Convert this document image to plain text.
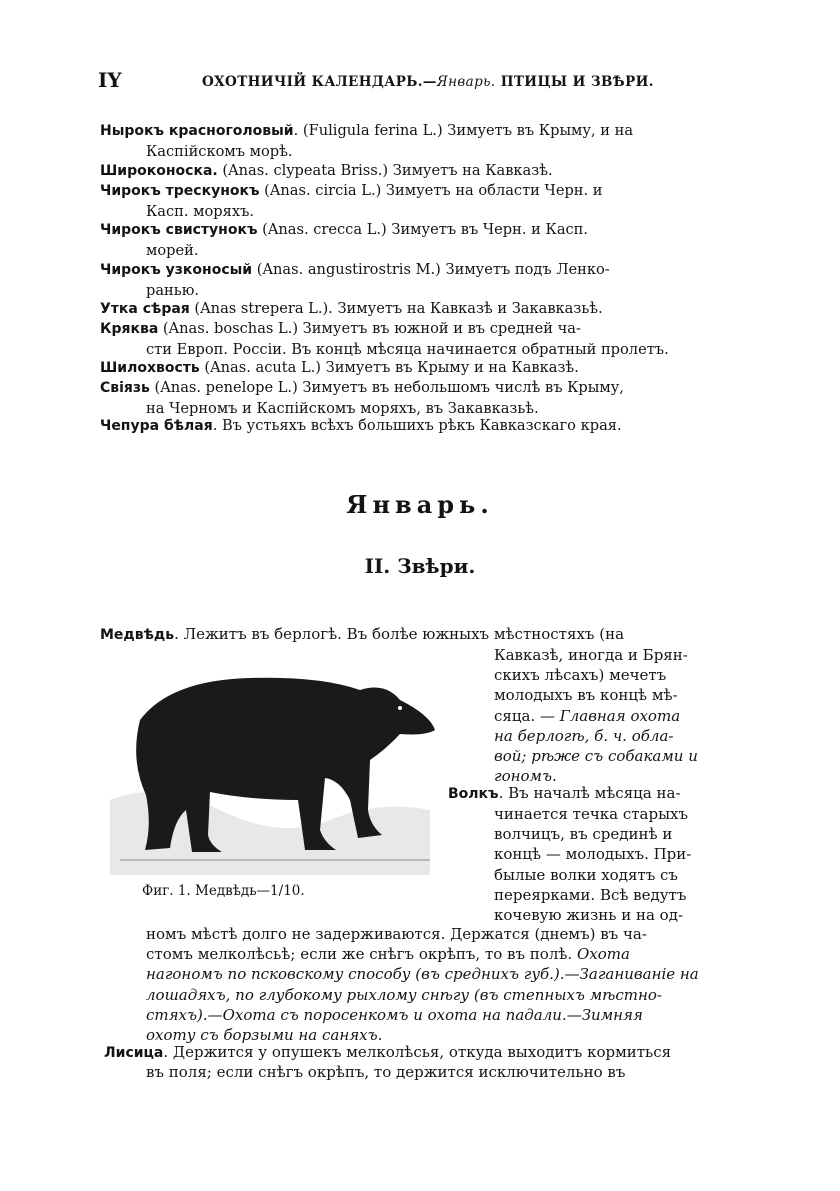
IY	ОХОТНИЧІЙ КАЛЕНДАРЬ.—Январь. ПТИЦЫ И ЗВѢРИ.
Нырокъ красноголовый. (Fuligula ferina L.) Зимуетъ въ Крыму, и на
Каспійскомъ морѣ.
Широконоска. (Anas. clypeata Briss.) Зимуетъ на Кавказѣ.
Чирокъ трескунокъ (Anas. circia L.) Зимуетъ на области Черн. и
Касп. моряхъ.
Чирокъ свистунокъ (Anas. crecca L.) Зимуетъ въ Черн. и Касп.
морей.
Чирокъ узконосый (Anas. angustirostris M.) Зимуетъ подъ Ленко-
ранью.
Утка сѣрая (Anas strepera L.). Зимуетъ на Кавказѣ и Закавказьѣ.
Кряква (Anas. boschas L.) Зимуетъ въ южной и въ средней ча-
сти Европ. Россіи. Въ концѣ мѣсяца начинается обратный пролетъ.
Шилохвость (Anas. acuta L.) Зимуетъ въ Крыму и на Кавказѣ.
Свіязь (Anas. penelope L.) Зимуетъ въ небольшомъ числѣ въ Крыму,
на Черномъ и Каспійскомъ моряхъ, въ Закавказьѣ.
Чепура бѣлая. Въ устьяхъ всѣхъ большихъ рѣкъ Кавказскаго края.
Январь.
II. Звѣри.
Медвѣдь. Лежитъ въ берлогѣ. Въ болѣе южныхъ мѣстностяхъ (на
Кавказѣ, иногда и Брян-
скихъ лѣсахъ) мечетъ
молодыхъ въ концѣ мѣ-
сяца. — Главная охота
на берлогѣ, б. ч. обла-
вой; рѣже съ собаками и
гономъ.
Фиг. 1. Медвѣдь—1/10.
Волкъ. Въ началѣ мѣсяца на-
чинается течка старыхъ
волчицъ, въ срединѣ и
концѣ — молодыхъ. При-
былые волки ходятъ съ
переярками. Всѣ ведутъ
кочевую жизнь и на од-
номъ мѣстѣ долго не задерживаются. Держатся (днемъ) въ ча-
стомъ мелколѣсьѣ; если же снѣгъ окрѣпъ, то въ полѣ. Охота
нагономъ по псковскому способу (въ среднихъ губ.).—Заганиваніе на
лошадяхъ, по глубокому рыхлому снѣгу (въ степныхъ мѣстно-
стяхъ).—Охота съ поросенкомъ и охота на падали.—Зимняя
охоту съ борзыми на саняхъ.
Лисица. Держится у опушекъ мелколѣсья, откуда выходитъ кормиться
въ поля; если снѣгъ окрѣпъ, то держится исключительно въ
